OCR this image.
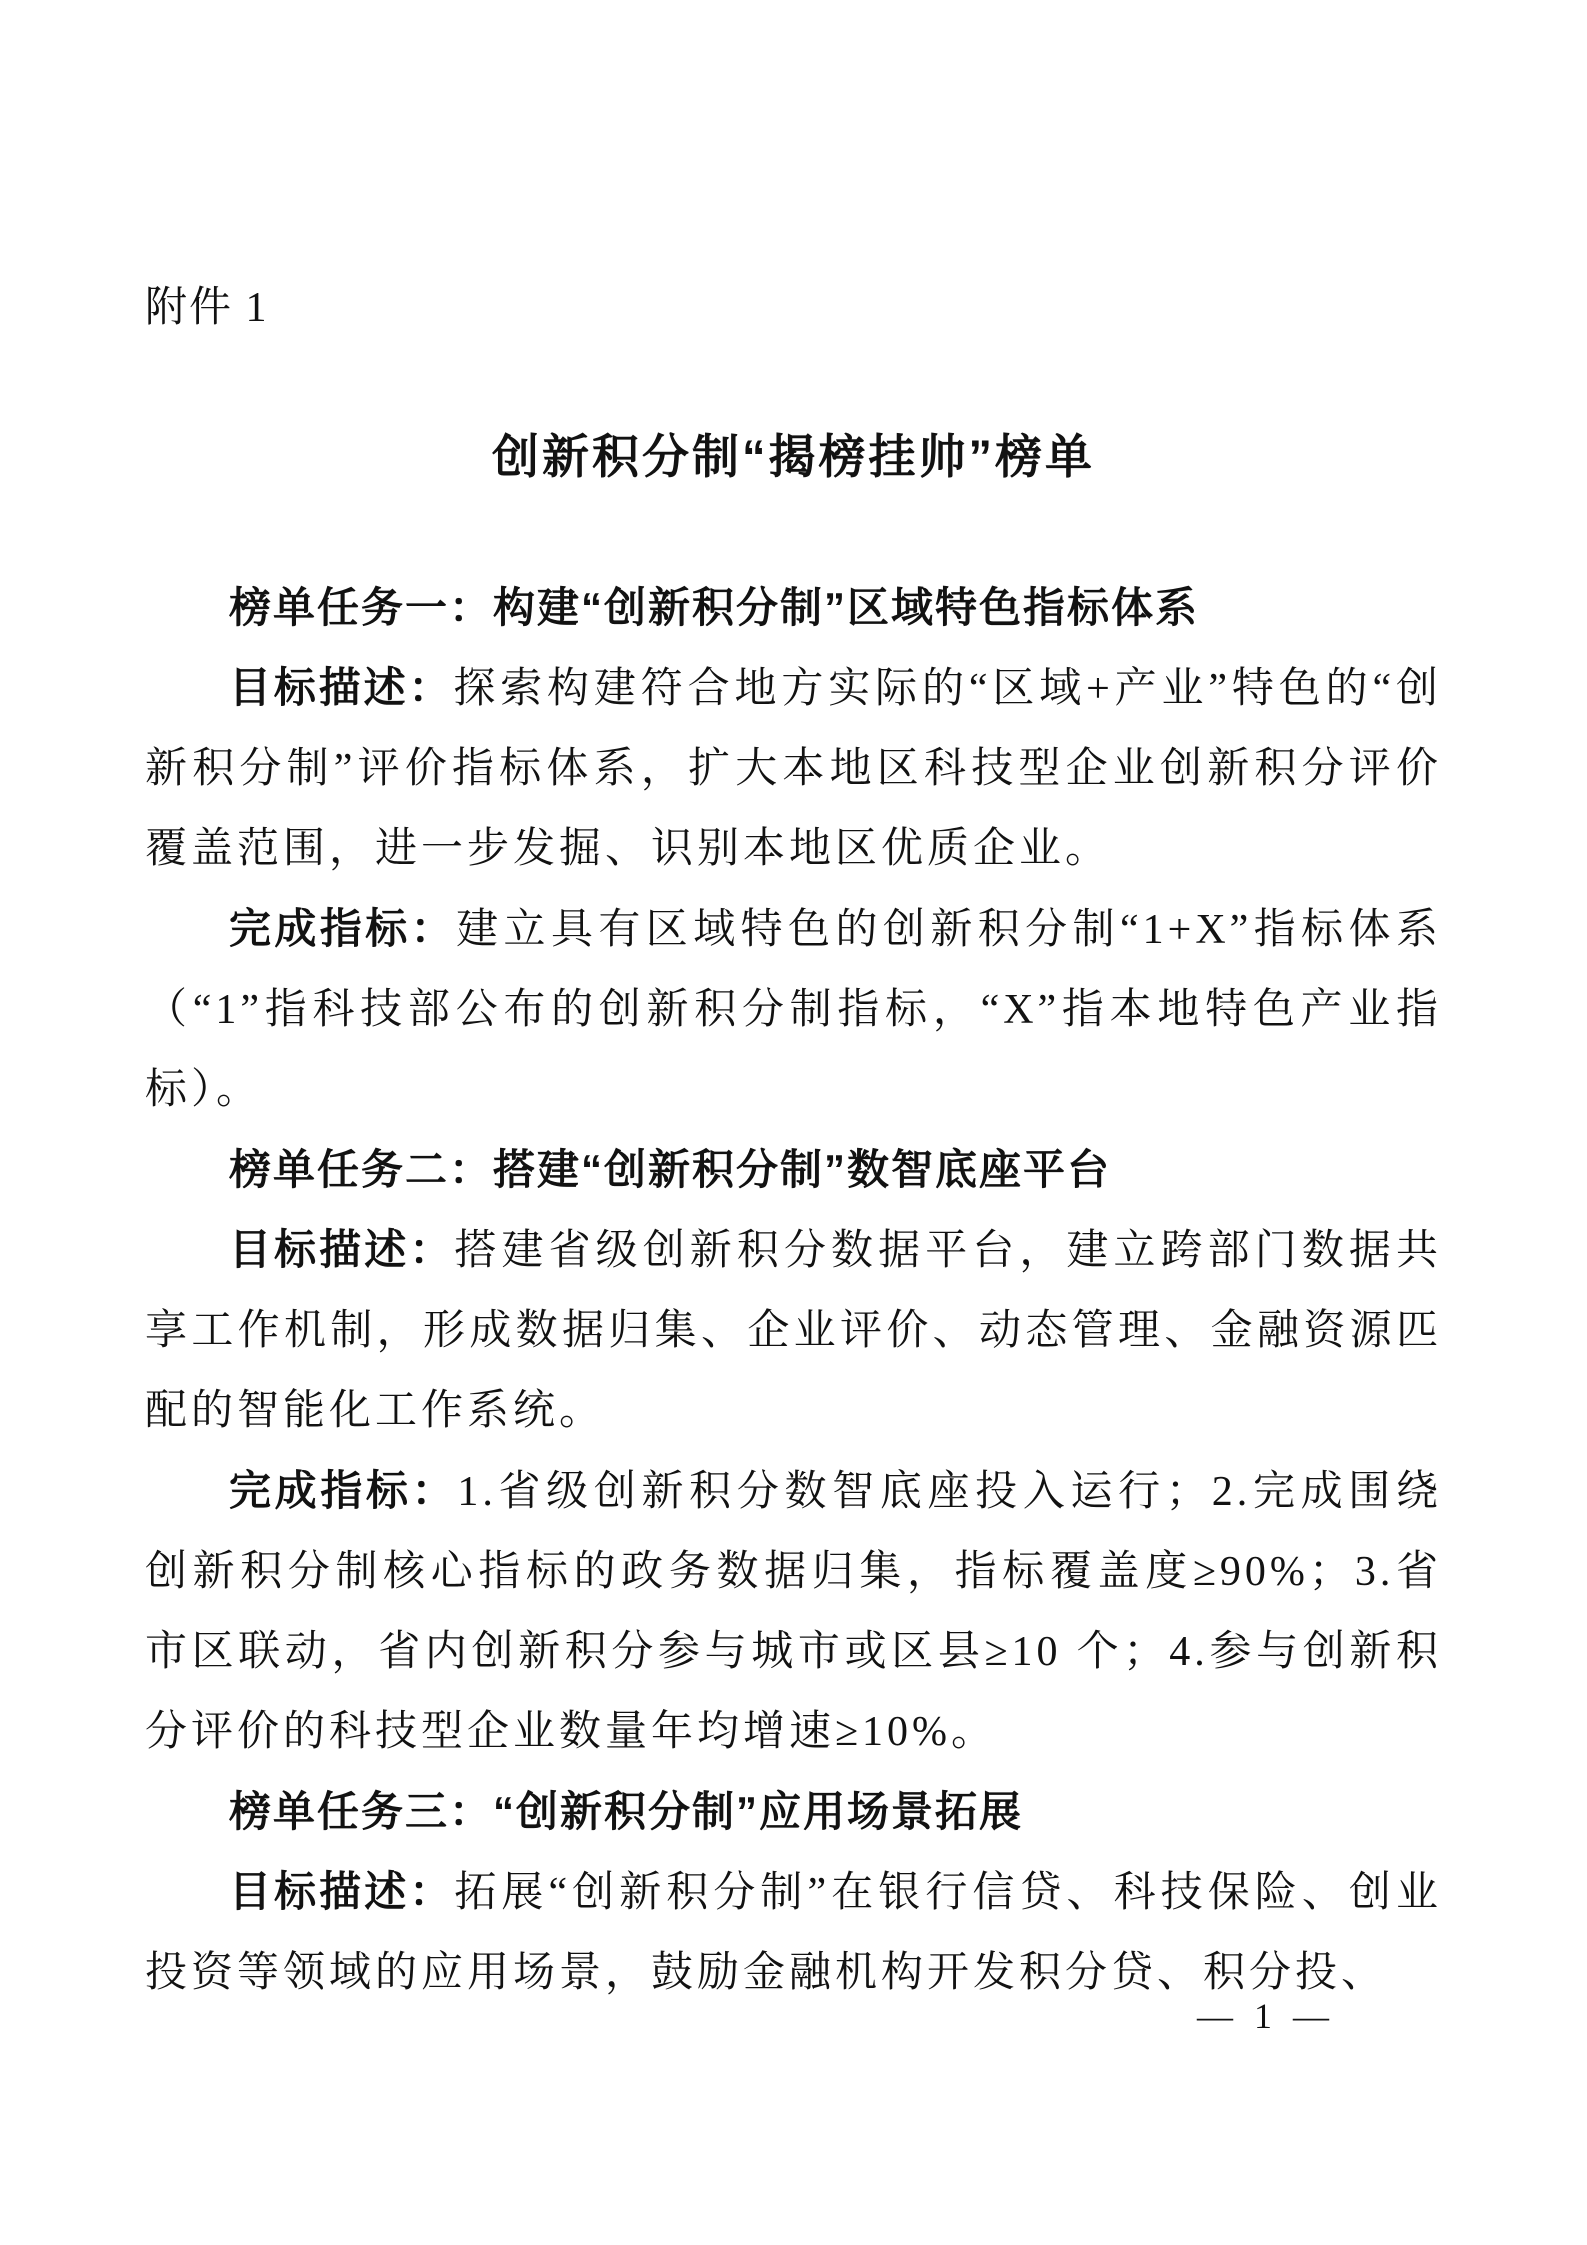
附件 1

创新积分制“揭榜挂帅”榜单
榜单任务一：构建“创新积分制”区域特色指标体系

目标描述：探索构建符合地方实际的“区域+产业”特色的“创新积分制”评价指标体系，扩大本地区科技型企业创新积分评价覆盖范围，进一步发掘、识别本地区优质企业。

完成指标：建立具有区域特色的创新积分制“1+X”指标体系（“1”指科技部公布的创新积分制指标，“X”指本地特色产业指标）。

榜单任务二：搭建“创新积分制”数智底座平台

目标描述：搭建省级创新积分数据平台，建立跨部门数据共享工作机制，形成数据归集、企业评价、动态管理、金融资源匹配的智能化工作系统。

完成指标：1.省级创新积分数智底座投入运行；2.完成围绕创新积分制核心指标的政务数据归集，指标覆盖度≥90%；3.省市区联动，省内创新积分参与城市或区县≥10 个；4.参与创新积分评价的科技型企业数量年均增速≥10%。

榜单任务三：“创新积分制”应用场景拓展

目标描述：拓展“创新积分制”在银行信贷、科技保险、创业投资等领域的应用场景，鼓励金融机构开发积分贷、积分投、

— 1 —
